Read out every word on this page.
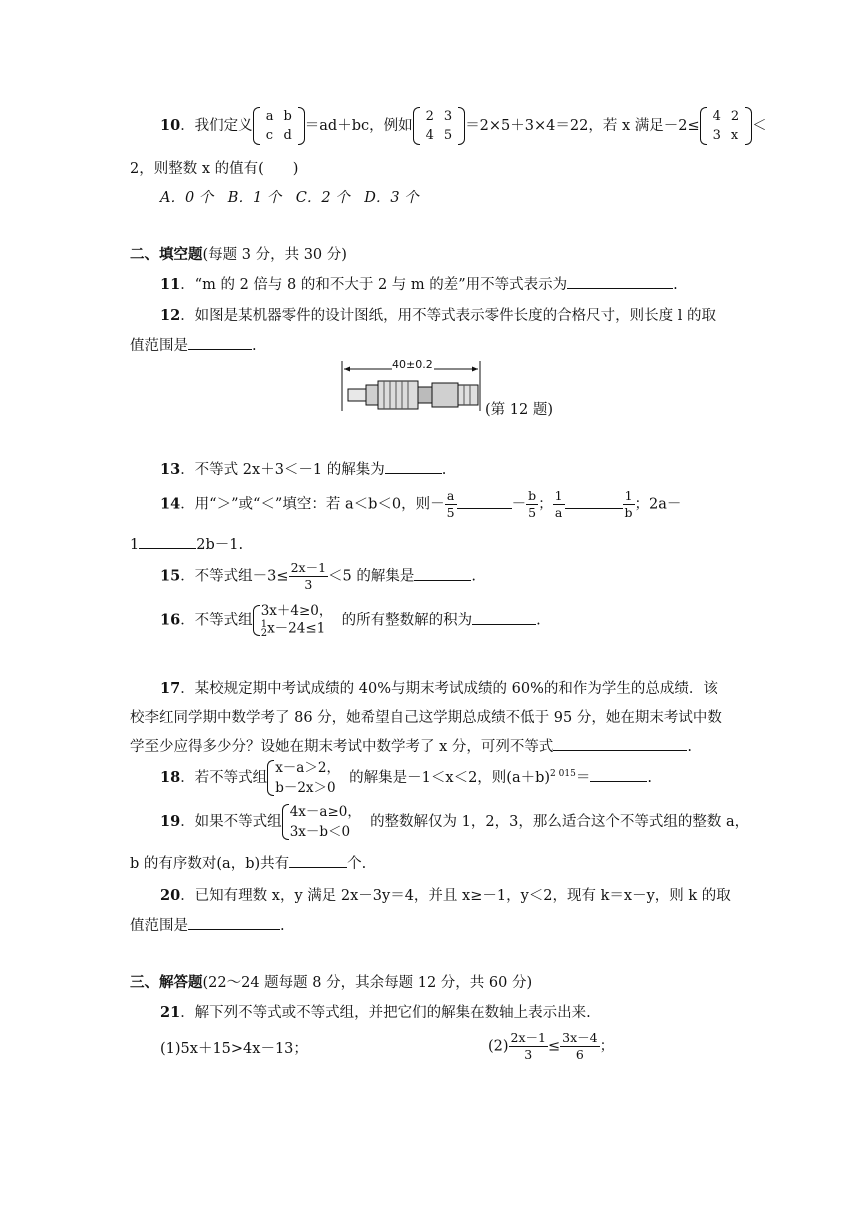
10．我们定义
a	b
c	d
＝ad＋bc，例如
2	3
4	5
＝2×5＋3×4＝22，若 x 满足－2≤
4	2
3	x
＜
2，则整数 x 的值有(　　)
A．0 个　B．1 个　C．2 个　D．3 个
二、填空题(每题 3 分，共 30 分)
11．“m 的 2 倍与 8 的和不大于 2 与 m 的差”用不等式表示为	.
12．如图是某机器零件的设计图纸，用不等式表示零件长度的合格尺寸，则长度 l 的取
值范围是	.
40±0.2
(第 12 题)
13．不等式 2x＋3＜－1 的解集为	.
14．用“＞”或“＜”填空：若 a＜b＜0，则－ $\frac{a}{5}$	－ $\frac{b}{5}$ ； $\frac{1}{a}$	$\frac{1}{b}$ ；2a－
1	2b－1.
15．不等式组$-3\le \frac{2x-1}{3} <5$ 的解集是	.
16．不等式组
3x＋4≥0，
1
2 x－24≤1	的所有整数解的积为	.
17．某校规定期中考试成绩的 40%与期末考试成绩的 60%的和作为学生的总成绩．该
校李红同学期中数学考了 86 分，她希望自己这学期总成绩不低于 95 分，她在期末考试中数
学至少应得多少分？设她在期末考试中数学考了 x 分，可列不等式	.
18．若不等式组
x－a＞2，
b－2x＞0
的解集是－1＜x＜2，则$(a+b)^{2 015}=$	.
19．如果不等式组
4x－a≥0，
3x－b＜0
的整数解仅为 1，2，3，那么适合这个不等式组的整数 a，
b 的有序数对(a，b)共有	个.
20．已知有理数 x，y 满足 2x－3y＝4，并且 x≥－1，y＜2，现有 k＝x－y，则 k 的取
值范围是	.
三、解答题(22～24 题每题 8 分，其余每题 12 分，共 60 分)
21．解下列不等式或不等式组，并把它们的解集在数轴上表示出来.
(1)5x＋15>4x－13；	$(2) \frac{2x-1}{3} \le \frac{3x-4}{6}$ ；
